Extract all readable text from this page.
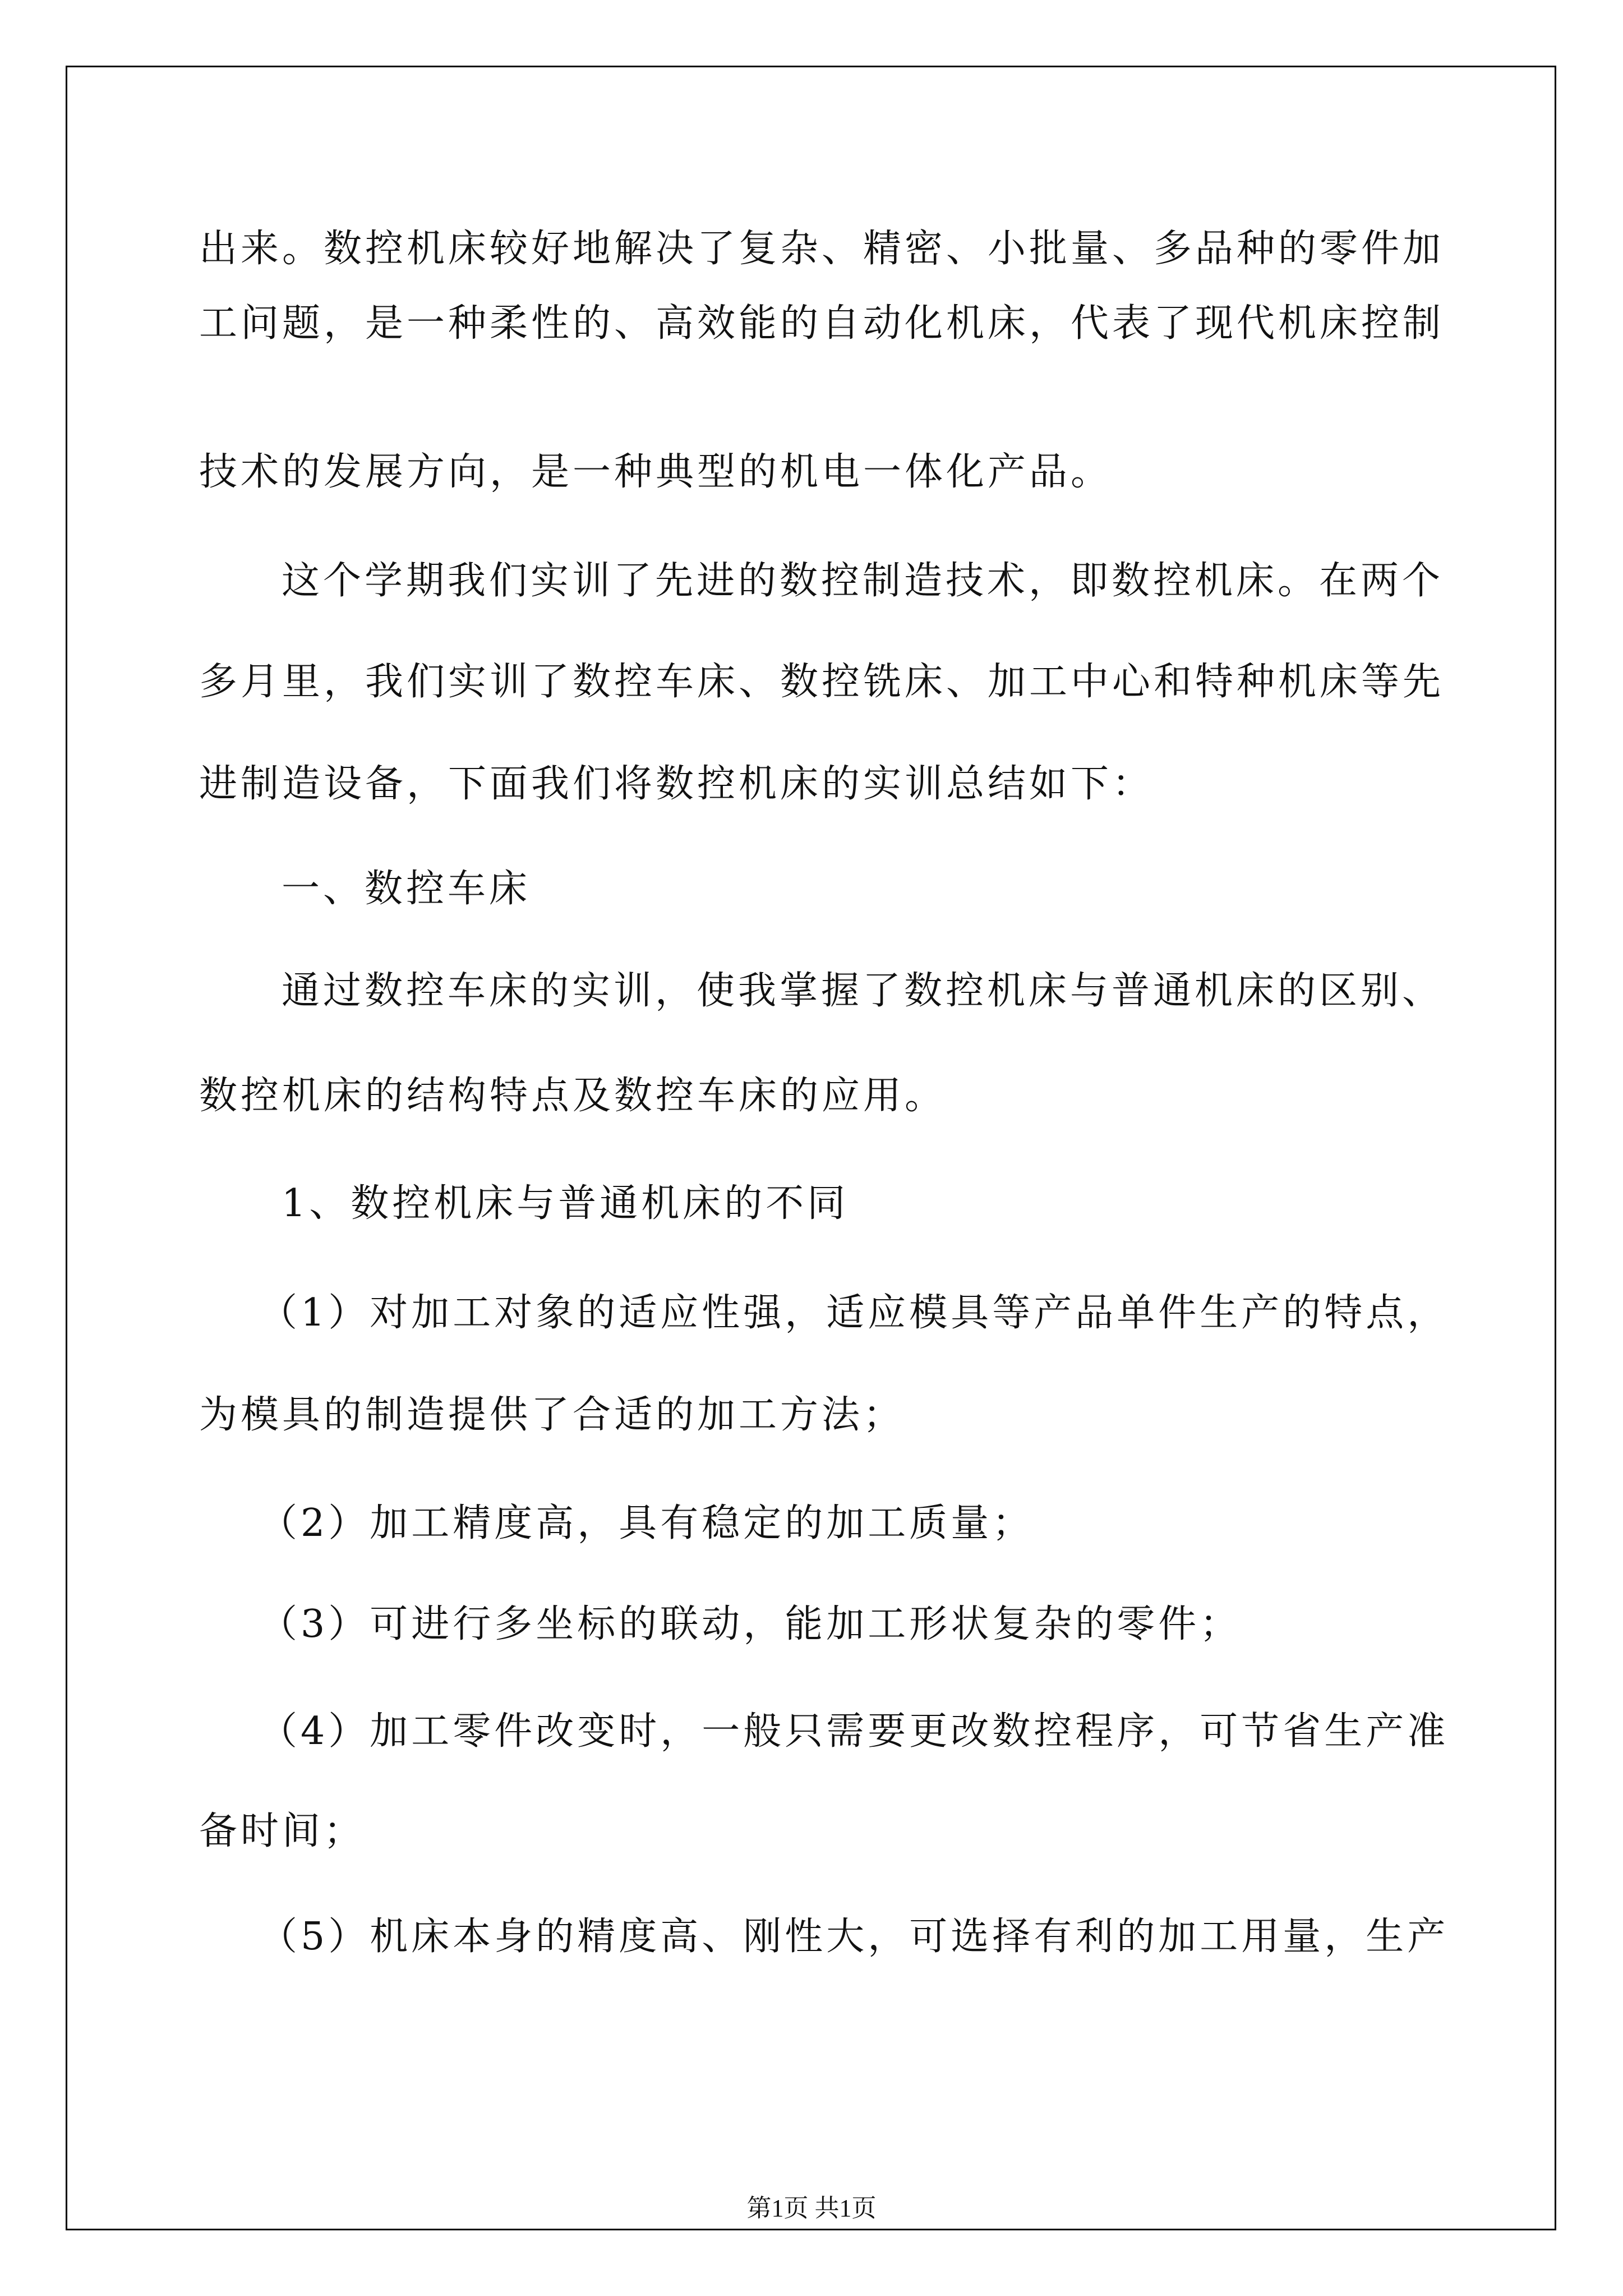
出来。数控机床较好地解决了复杂、精密、小批量、多品种的零件加
工问题，是一种柔性的、高效能的自动化机床，代表了现代机床控制
技术的发展方向，是一种典型的机电一体化产品。
这个学期我们实训了先进的数控制造技术，即数控机床。在两个
多月里，我们实训了数控车床、数控铣床、加工中心和特种机床等先
进制造设备，下面我们将数控机床的实训总结如下：
一、数控车床
通过数控车床的实训，使我掌握了数控机床与普通机床的区别、
数控机床的结构特点及数控车床的应用。
1、数控机床与普通机床的不同
（1）对加工对象的适应性强，适应模具等产品单件生产的特点，
为模具的制造提供了合适的加工方法；
（2）加工精度高，具有稳定的加工质量；
（3）可进行多坐标的联动，能加工形状复杂的零件；
（4）加工零件改变时，一般只需要更改数控程序，可节省生产准
备时间；
（5）机床本身的精度高、刚性大，可选择有利的加工用量，生产
第1页 共1页
